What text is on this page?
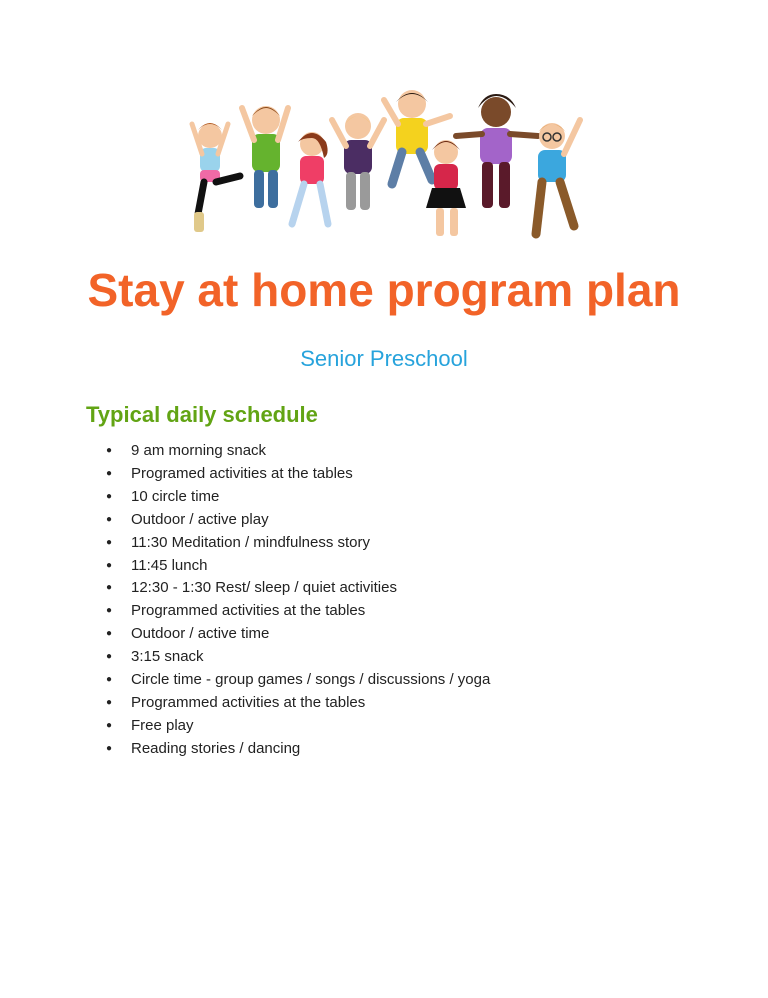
Stay at home program plan
Senior Preschool
Typical daily schedule
● 9 am morning snack
● Programed activities at the tables
● 10 circle time
● Outdoor / active play
● 11:30 Meditation / mindfulness story
● 11:45 lunch
● 12:30 - 1:30 Rest/ sleep / quiet activities
● Programmed activities at the tables
● Outdoor / active time
● 3:15 snack
● Circle time - group games / songs / discussions / yoga
● Programmed activities at the tables
● Free play
● Reading stories / dancing
